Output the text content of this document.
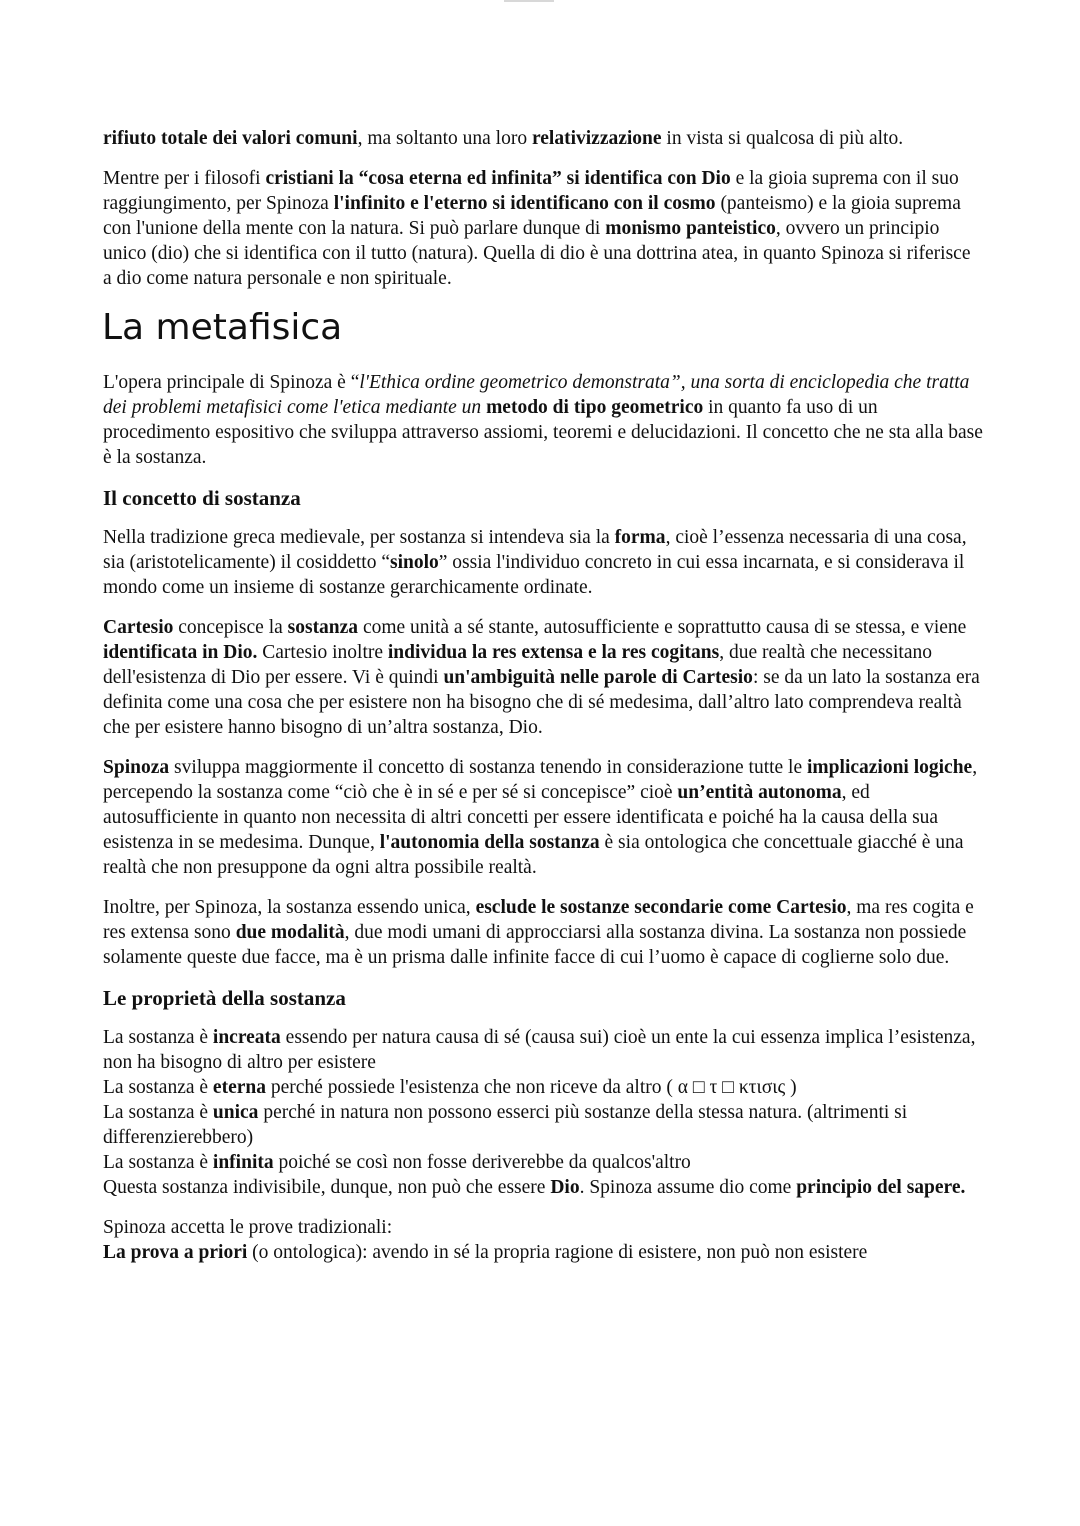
rifiuto totale dei valori comuni, ma soltanto una loro relativizzazione in vista si qualcosa di più alto.

Mentre per i filosofi cristiani la “cosa eterna ed infinita” si identifica con Dio e la gioia suprema con il suo raggiungimento, per Spinoza l'infinito e l'eterno si identificano con il cosmo (panteismo) e la gioia suprema con l'unione della mente con la natura. Si può parlare dunque di monismo panteistico, ovvero un principio unico (dio) che si identifica con il tutto (natura). Quella di dio è una dottrina atea, in quanto Spinoza si riferisce a dio come natura personale e non spirituale.

La metafisica

L'opera principale di Spinoza è “l'Ethica ordine geometrico demonstrata”, una sorta di enciclopedia che tratta dei problemi metafisici come l'etica mediante un metodo di tipo geometrico in quanto fa uso di un procedimento espositivo che sviluppa attraverso assiomi, teoremi e delucidazioni. Il concetto che ne sta alla base è la sostanza.

Il concetto di sostanza

Nella tradizione greca medievale, per sostanza si intendeva sia la forma, cioè l’essenza necessaria di una cosa, sia (aristotelicamente) il cosiddetto “sinolo” ossia l'individuo concreto in cui essa incarnata, e si considerava il mondo come un insieme di sostanze gerarchicamente ordinate.

Cartesio concepisce la sostanza come unità a sé stante, autosufficiente e soprattutto causa di se stessa, e viene identificata in Dio. Cartesio inoltre individua la res extensa e la res cogitans, due realtà che necessitano dell'esistenza di Dio per essere. Vi è quindi un'ambiguità nelle parole di Cartesio: se da un lato la sostanza era definita come una cosa che per esistere non ha bisogno che di sé medesima, dall’altro lato comprendeva realtà che per esistere hanno bisogno di un’altra sostanza, Dio.

Spinoza sviluppa maggiormente il concetto di sostanza tenendo in considerazione tutte le implicazioni logiche, percependo la sostanza come “ciò che è in sé e per sé si concepisce” cioè un’entità autonoma, ed autosufficiente in quanto non necessita di altri concetti per essere identificata e poiché ha la causa della sua esistenza in se medesima. Dunque, l'autonomia della sostanza è sia ontologica che concettuale giacché è una realtà che non presuppone da ogni altra possibile realtà.

Inoltre, per Spinoza, la sostanza essendo unica, esclude le sostanze secondarie come Cartesio, ma res cogita e res extensa sono due modalità, due modi umani di approcciarsi alla sostanza divina. La sostanza non possiede solamente queste due facce, ma è un prisma dalle infinite facce di cui l’uomo è capace di coglierne solo due.

Le proprietà della sostanza

La sostanza è increata essendo per natura causa di sé (causa sui) cioè un ente la cui essenza implica l’esistenza, non ha bisogno di altro per esistere

La sostanza è eterna perché possiede l'esistenza che non riceve da altro ( α □ τ □ κτισις )

La sostanza è unica perché in natura non possono esserci più sostanze della stessa natura. (altrimenti si differenzierebbero)

La sostanza è infinita poiché se così non fosse deriverebbe da qualcos'altro

Questa sostanza indivisibile, dunque, non può che essere Dio. Spinoza assume dio come principio del sapere.

Spinoza accetta le prove tradizionali:

La prova a priori (o ontologica): avendo in sé la propria ragione di esistere, non può non esistere
